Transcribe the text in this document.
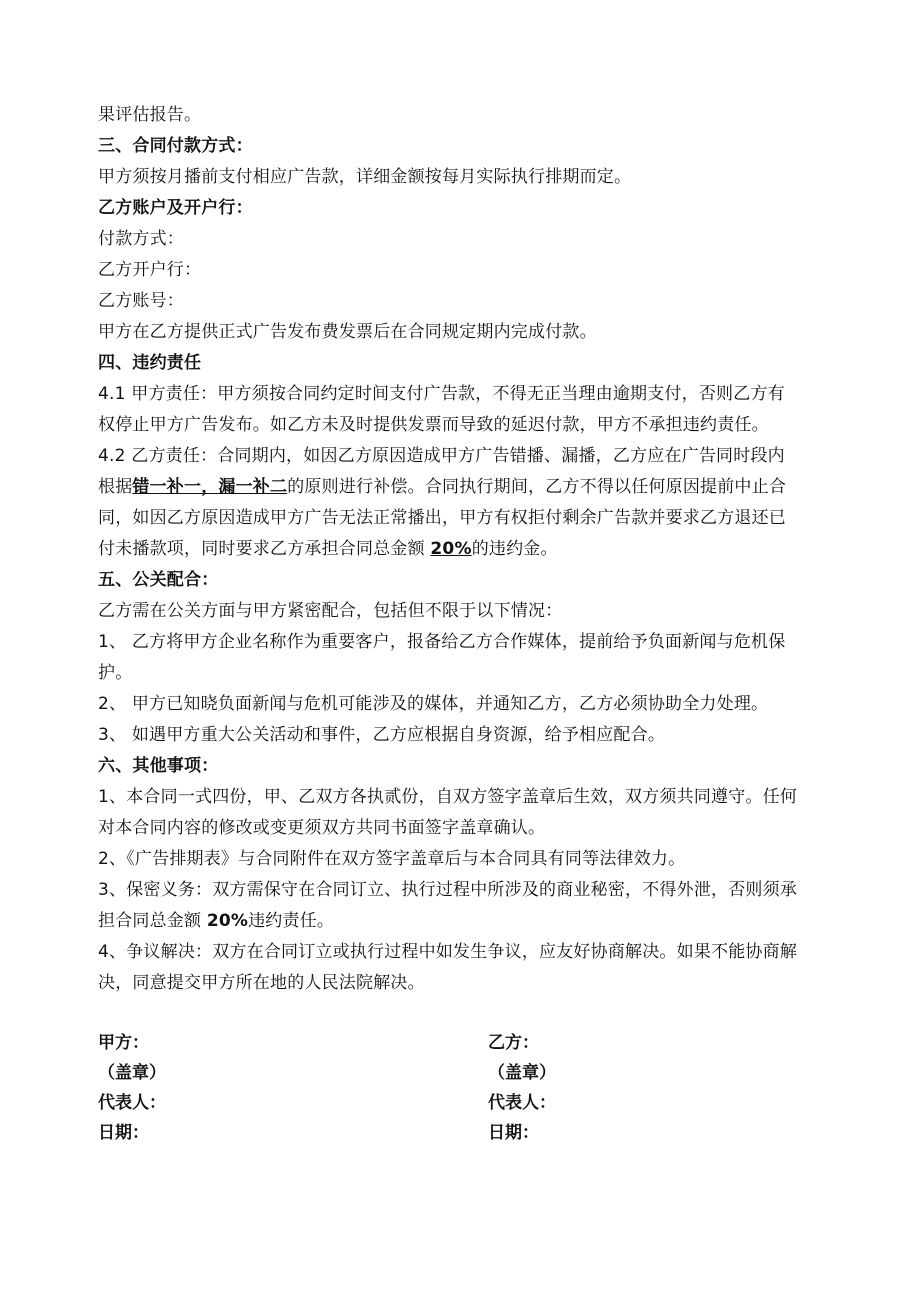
果评估报告。
三、合同付款方式：
甲方须按月播前支付相应广告款，详细金额按每月实际执行排期而定。
乙方账户及开户行：
付款方式：
乙方开户行：
乙方账号：
甲方在乙方提供正式广告发布费发票后在合同规定期内完成付款。
四、违约责任
4.1 甲方责任：甲方须按合同约定时间支付广告款，不得无正当理由逾期支付，否则乙方有
权停止甲方广告发布。如乙方未及时提供发票而导致的延迟付款，甲方不承担违约责任。
4.2 乙方责任：合同期内，如因乙方原因造成甲方广告错播、漏播，乙方应在广告同时段内
根据错一补一，漏一补二的原则进行补偿。合同执行期间，乙方不得以任何原因提前中止合
同，如因乙方原因造成甲方广告无法正常播出，甲方有权拒付剩余广告款并要求乙方退还已
付未播款项，同时要求乙方承担合同总金额 20%的违约金。
五、公关配合：
乙方需在公关方面与甲方紧密配合，包括但不限于以下情况：
1、 乙方将甲方企业名称作为重要客户，报备给乙方合作媒体，提前给予负面新闻与危机保
护。
2、 甲方已知晓负面新闻与危机可能涉及的媒体，并通知乙方，乙方必须协助全力处理。
3、 如遇甲方重大公关活动和事件，乙方应根据自身资源，给予相应配合。
六、其他事项：
1、本合同一式四份，甲、乙双方各执贰份，自双方签字盖章后生效，双方须共同遵守。任何
对本合同内容的修改或变更须双方共同书面签字盖章确认。
2、《广告排期表》与合同附件在双方签字盖章后与本合同具有同等法律效力。
3、保密义务：双方需保守在合同订立、执行过程中所涉及的商业秘密，不得外泄，否则须承
担合同总金额 20%违约责任。
4、争议解决：双方在合同订立或执行过程中如发生争议，应友好协商解决。如果不能协商解
决，同意提交甲方所在地的人民法院解决。
甲方：	乙方：
（盖章）	（盖章）
代表人：	代表人：
日期：	日期：
